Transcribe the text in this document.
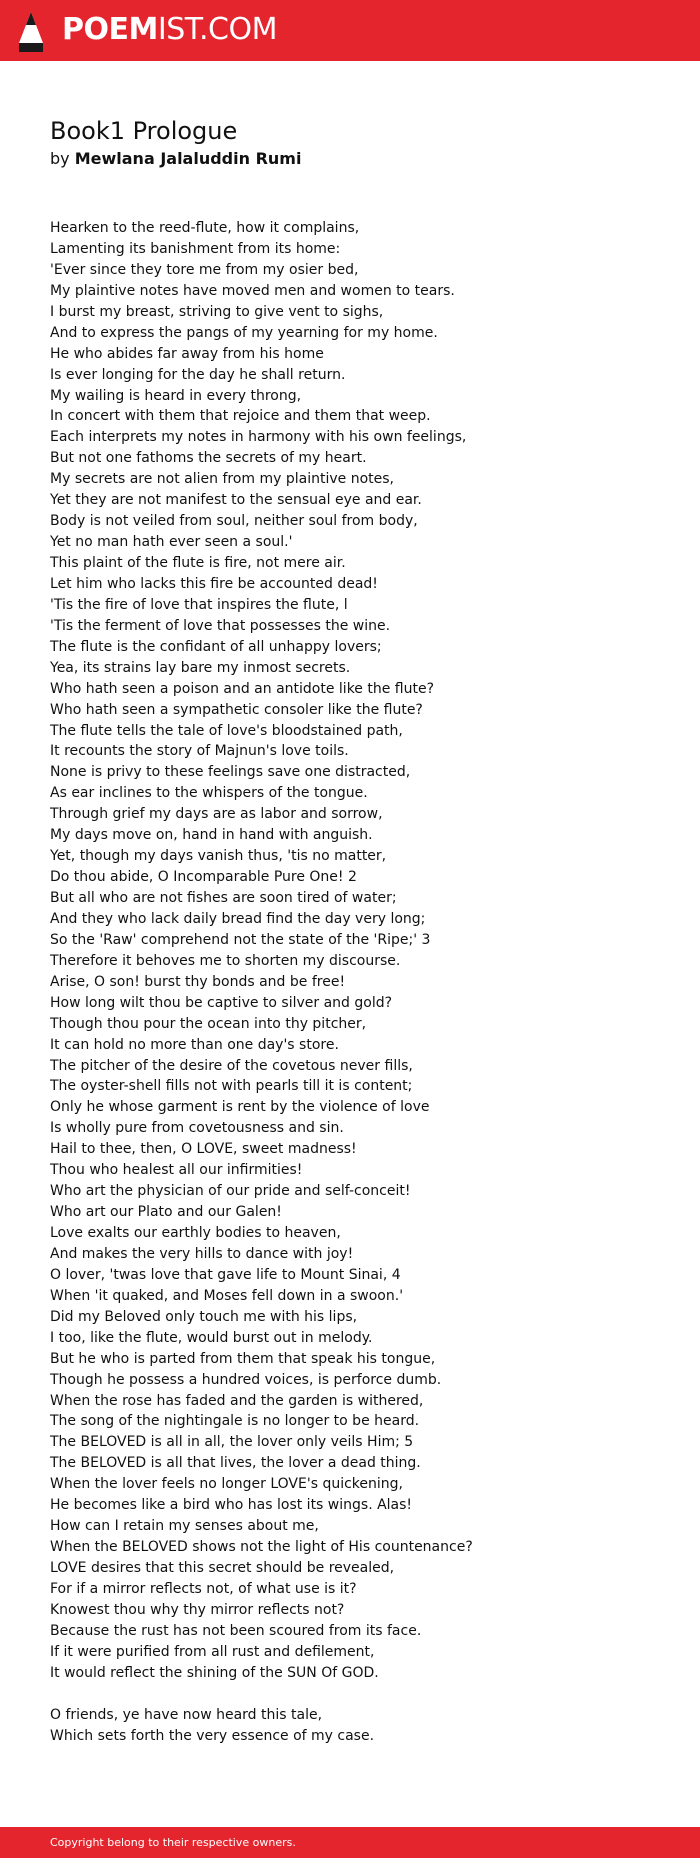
POEMIST.COM
Book1 Prologue
by Mewlana Jalaluddin Rumi
Hearken to the reed-flute, how it complains,
Lamenting its banishment from its home:
'Ever since they tore me from my osier bed,
My plaintive notes have moved men and women to tears.
I burst my breast, striving to give vent to sighs,
And to express the pangs of my yearning for my home.
He who abides far away from his home
Is ever longing for the day he shall return.
My wailing is heard in every throng,
In concert with them that rejoice and them that weep.
Each interprets my notes in harmony with his own feelings,
But not one fathoms the secrets of my heart.
My secrets are not alien from my plaintive notes,
Yet they are not manifest to the sensual eye and ear.
Body is not veiled from soul, neither soul from body,
Yet no man hath ever seen a soul.'
This plaint of the flute is fire, not mere air.
Let him who lacks this fire be accounted dead!
'Tis the fire of love that inspires the flute, l
'Tis the ferment of love that possesses the wine.
The flute is the confidant of all unhappy lovers;
Yea, its strains lay bare my inmost secrets.
Who hath seen a poison and an antidote like the flute?
Who hath seen a sympathetic consoler like the flute?
The flute tells the tale of love's bloodstained path,
It recounts the story of Majnun's love toils.
None is privy to these feelings save one distracted,
As ear inclines to the whispers of the tongue.
Through grief my days are as labor and sorrow,
My days move on, hand in hand with anguish.
Yet, though my days vanish thus, 'tis no matter,
Do thou abide, O Incomparable Pure One! 2
But all who are not fishes are soon tired of water;
And they who lack daily bread find the day very long;
So the 'Raw' comprehend not the state of the 'Ripe;' 3
Therefore it behoves me to shorten my discourse.
Arise, O son! burst thy bonds and be free!
How long wilt thou be captive to silver and gold?
Though thou pour the ocean into thy pitcher,
It can hold no more than one day's store.
The pitcher of the desire of the covetous never fills,
The oyster-shell fills not with pearls till it is content;
Only he whose garment is rent by the violence of love
Is wholly pure from covetousness and sin.
Hail to thee, then, O LOVE, sweet madness!
Thou who healest all our infirmities!
Who art the physician of our pride and self-conceit!
Who art our Plato and our Galen!
Love exalts our earthly bodies to heaven,
And makes the very hills to dance with joy!
O lover, 'twas love that gave life to Mount Sinai, 4
When 'it quaked, and Moses fell down in a swoon.'
Did my Beloved only touch me with his lips,
I too, like the flute, would burst out in melody.
But he who is parted from them that speak his tongue,
Though he possess a hundred voices, is perforce dumb.
When the rose has faded and the garden is withered,
The song of the nightingale is no longer to be heard.
The BELOVED is all in all, the lover only veils Him; 5
The BELOVED is all that lives, the lover a dead thing.
When the lover feels no longer LOVE's quickening,
He becomes like a bird who has lost its wings. Alas!
How can I retain my senses about me,
When the BELOVED shows not the light of His countenance?
LOVE desires that this secret should be revealed,
For if a mirror reflects not, of what use is it?
Knowest thou why thy mirror reflects not?
Because the rust has not been scoured from its face.
If it were purified from all rust and defilement,
It would reflect the shining of the SUN Of GOD.
O friends, ye have now heard this tale,
Which sets forth the very essence of my case.
Copyright belong to their respective owners.
